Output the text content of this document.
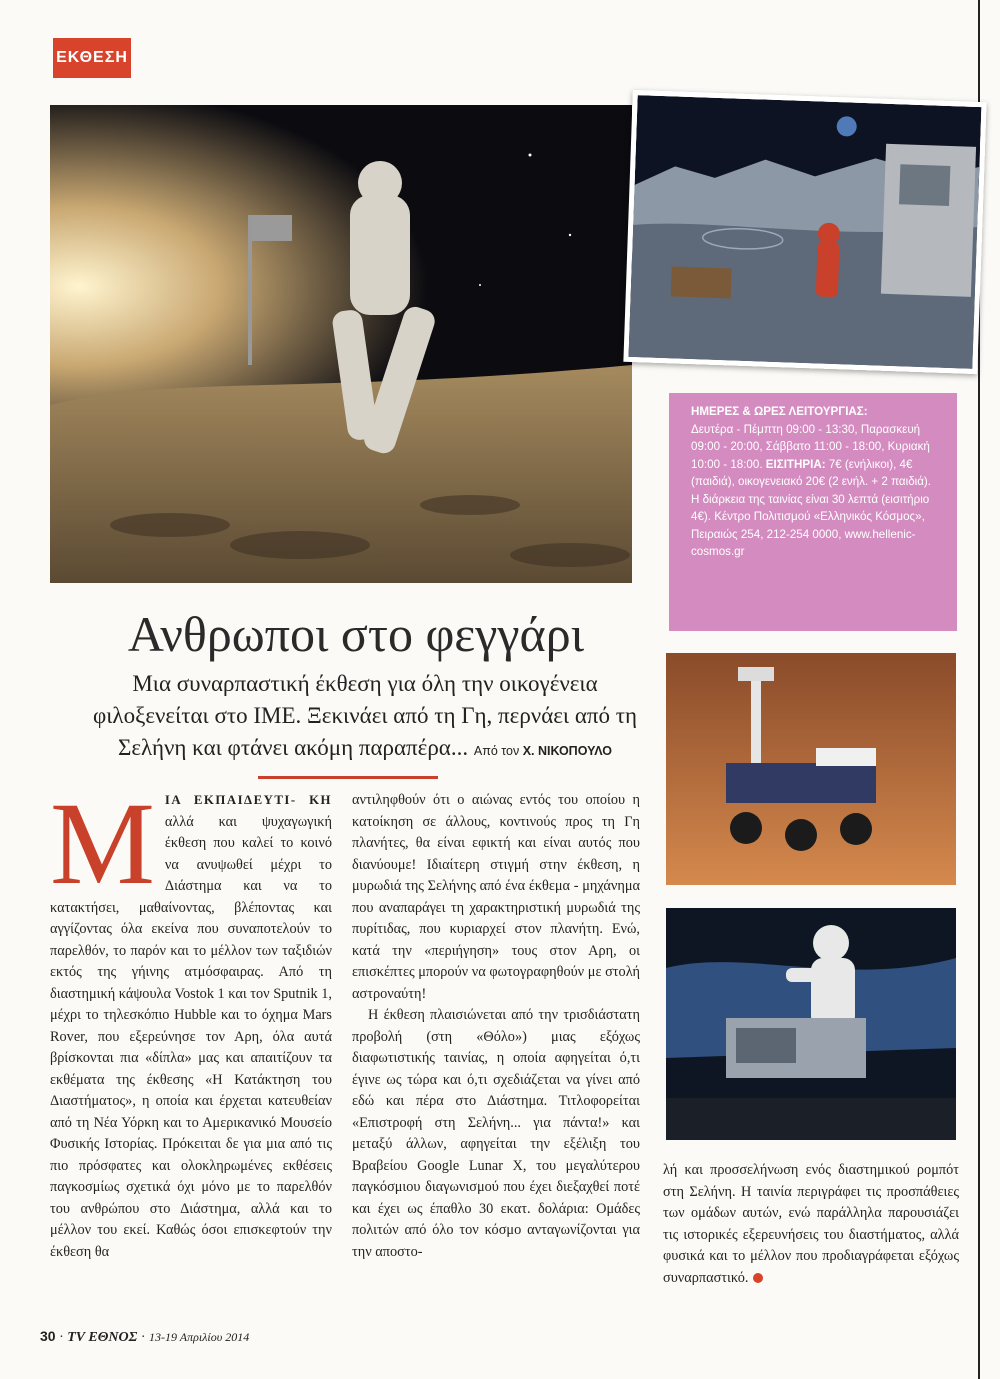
ΕΚΘΕΣΗ
ΗΜΕΡΕΣ & ΩΡΕΣ ΛΕΙΤΟΥΡΓΙΑΣ:
Δευτέρα - Πέμπτη 09:00 - 13:30, Παρασκευή 09:00 - 20:00, Σάββατο 11:00 - 18:00, Κυριακή 10:00 - 18:00. ΕΙΣΙΤΗΡΙΑ: 7€ (ενήλικοι), 4€ (παιδιά), οικογενειακό 20€ (2 ενήλ. + 2 παιδιά). Η διάρκεια της ταινίας είναι 30 λεπτά (εισιτήριο 4€). Κέντρο Πολιτισμού «Ελληνικός Κόσμος», Πειραιώς 254, 212-254 0000, www.hellenic-cosmos.gr
Ανθρωποι στο φεγγάρι
Μια συναρπαστική έκθεση για όλη την οικογένεια φιλοξενείται στο ΙΜΕ. Ξεκινάει από τη Γη, περνάει από τη Σελήνη και φτάνει ακόμη παραπέρα... Από τον Χ. ΝΙΚΟΠΟΥΛΟ
Μ ΙΑ ΕΚΠΑΙΔΕΥΤΙ- ΚΗ αλλά και ψυχαγωγική έκθεση που καλεί το κοινό να ανυψωθεί μέχρι το Διάστημα και να το κατακτήσει, μαθαίνοντας, βλέποντας και αγγίζοντας όλα εκείνα που συναποτελούν το παρελθόν, το παρόν και το μέλλον των ταξιδιών εκτός της γήινης ατμόσφαιρας. Από τη διαστημική κάψουλα Vostok 1 και τον Sputnik 1, μέχρι το τηλεσκόπιο Hubble και το όχημα Mars Rover, που εξερεύνησε τον Αρη, όλα αυτά βρίσκονται πια «δίπλα» μας και απαιτίζουν τα εκθέματα της έκθεσης «Η Κατάκτηση του Διαστήματος», η οποία και έρχεται κατευθείαν από τη Νέα Υόρκη και το Αμερικανικό Μουσείο Φυσικής Ιστορίας. Πρόκειται δε για μια από τις πιο πρόσφατες και ολοκληρωμένες εκθέσεις παγκοσμίως σχετικά όχι μόνο με το παρελθόν του ανθρώπου στο Διάστημα, αλλά και το μέλλον του εκεί. Καθώς όσοι επισκεφτούν την έκθεση θα

αντιληφθούν ότι ο αιώνας εντός του οποίου η κατοίκηση σε άλλους, κοντινούς προς τη Γη πλανήτες, θα είναι εφικτή και είναι αυτός που διανύουμε! Ιδιαίτερη στιγμή στην έκθεση, η μυρωδιά της Σελήνης από ένα έκθεμα - μηχάνημα που αναπαράγει τη χαρακτηριστική μυρωδιά της πυρίτιδας, που κυριαρχεί στον πλανήτη. Ενώ, κατά την «περιήγηση» τους στον Αρη, οι επισκέπτες μπορούν να φωτογραφηθούν με στολή αστροναύτη!

Η έκθεση πλαισιώνεται από την τρισδιάστατη προβολή (στη «Θόλο») μιας εξόχως διαφωτιστικής ταινίας, η οποία αφηγείται ό,τι έγινε ως τώρα και ό,τι σχεδιάζεται να γίνει από εδώ και πέρα στο Διάστημα. Τιτλοφορείται «Επιστροφή στη Σελήνη... για πάντα!» και μεταξύ άλλων, αφηγείται την εξέλιξη του Βραβείου Google Lunar X, του μεγαλύτερου παγκόσμιου διαγωνισμού που έχει διεξαχθεί ποτέ και έχει ως έπαθλο 30 εκατ. δολάρια: Ομάδες πολιτών από όλο τον κόσμο ανταγωνίζονται για την αποστο-

λή και προσσελήνωση ενός διαστημικού ρομπότ στη Σελήνη. Η ταινία περιγράφει τις προσπάθειες των ομάδων αυτών, ενώ παράλληλα παρουσιάζει τις ιστορικές εξερευνήσεις του διαστήματος, αλλά φυσικά και το μέλλον που προδιαγράφεται εξόχως συναρπαστικό.

30 · TV ΕΘΝΟΣ · 13-19 Απριλίου 2014
